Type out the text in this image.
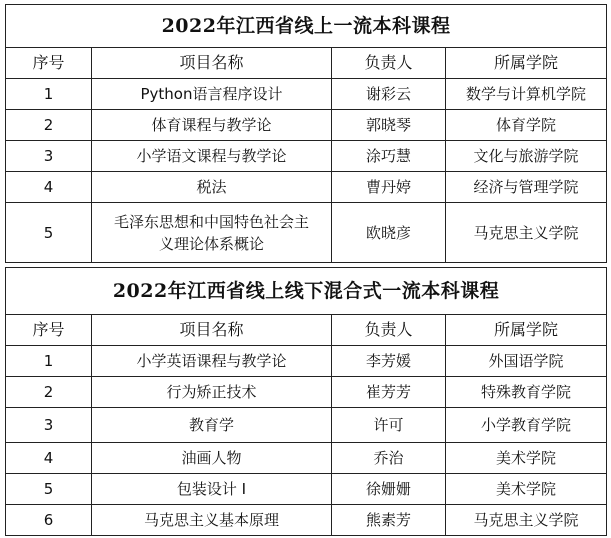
2022年江西省线上一流本科课程			
序号	项目名称	负责人	所属学院
1	Python语言程序设计	谢彩云	数学与计算机学院
2	体育课程与教学论	郭晓琴	体育学院
3	小学语文课程与教学论	涂巧慧	文化与旅游学院
4	税法	曹丹婷	经济与管理学院
5	毛泽东思想和中国特色社会主义理论体系概论	欧晓彦	马克思主义学院
2022年江西省线上线下混合式一流本科课程			
序号	项目名称	负责人	所属学院
1	小学英语课程与教学论	李芳媛	外国语学院
2	行为矫正技术	崔芳芳	特殊教育学院
3	教育学	许可	小学教育学院
4	油画人物	乔治	美术学院
5	包装设计 I	徐姗姗	美术学院
6	马克思主义基本原理	熊素芳	马克思主义学院
